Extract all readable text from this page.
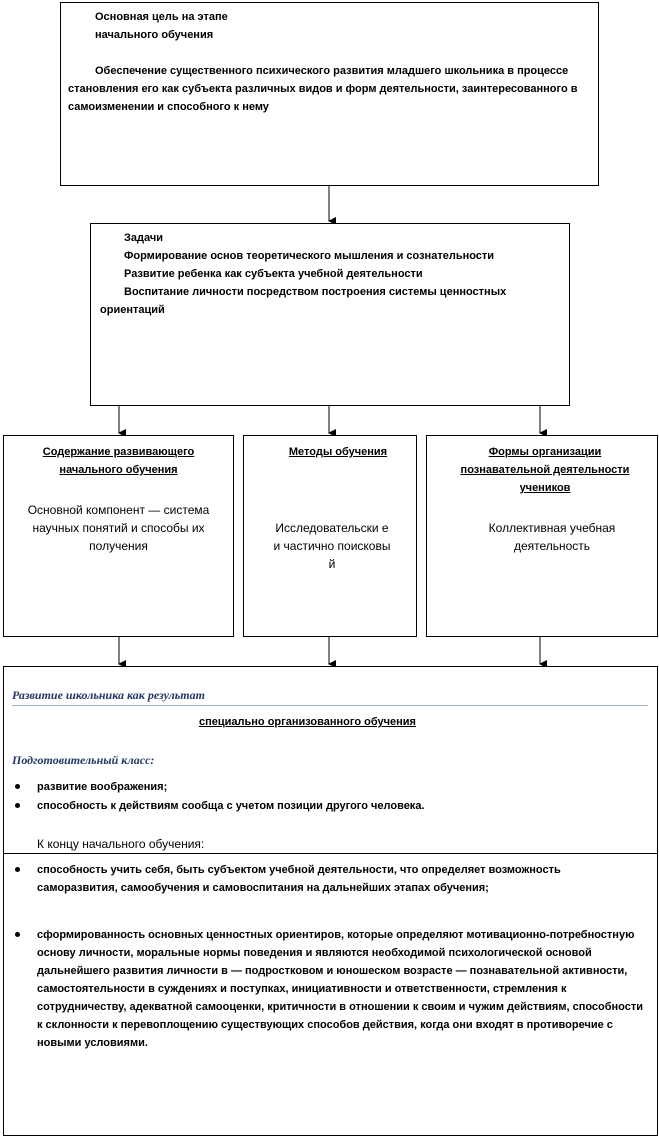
Основная цель на этапе
начального обучения
Обеспечение существенного психического развития младшего школьника в процессе становления его как субъекта различных видов и форм деятельности, заинтересованного в самоизменении и способного к нему
Задачи
Формирование основ теоретического мышления и сознательности
Развитие ребенка как субъекта учебной деятельности
Воспитание личности посредством построения системы ценностных ориентаций
Содержание развивающего начального обучения
Основной компонент — система научных понятий и способы их получения
Методы обучения
Исследовательски е и частично поисковый
Формы организации познавательной деятельности учеников
Коллективная учебная деятельность
Развитие школьника как результат
специально организованного обучения
Подготовительный класс:
развитие воображения;
способность к действиям сообща с учетом позиции другого человека.
К концу начального обучения:
способность учить себя, быть субъектом учебной деятельности, что определяет возможность саморазвития, самообучения и самовоспитания на дальнейших этапах обучения;
сформированность основных ценностных ориентиров, которые определяют мотивационно-потребностную основу личности, моральные нормы поведения и являются необходимой психологической основой дальнейшего развития личности в — подростковом и юношеском возрасте — познавательной активности, самостоятельности в суждениях и поступках, инициативности и ответственности, стремления к сотрудничеству, адекватной самооценки, критичности в отношении к своим и чужим действиям, способности к склонности к перевоплощению существующих способов действия, когда они входят в противоречие с новыми условиями.
